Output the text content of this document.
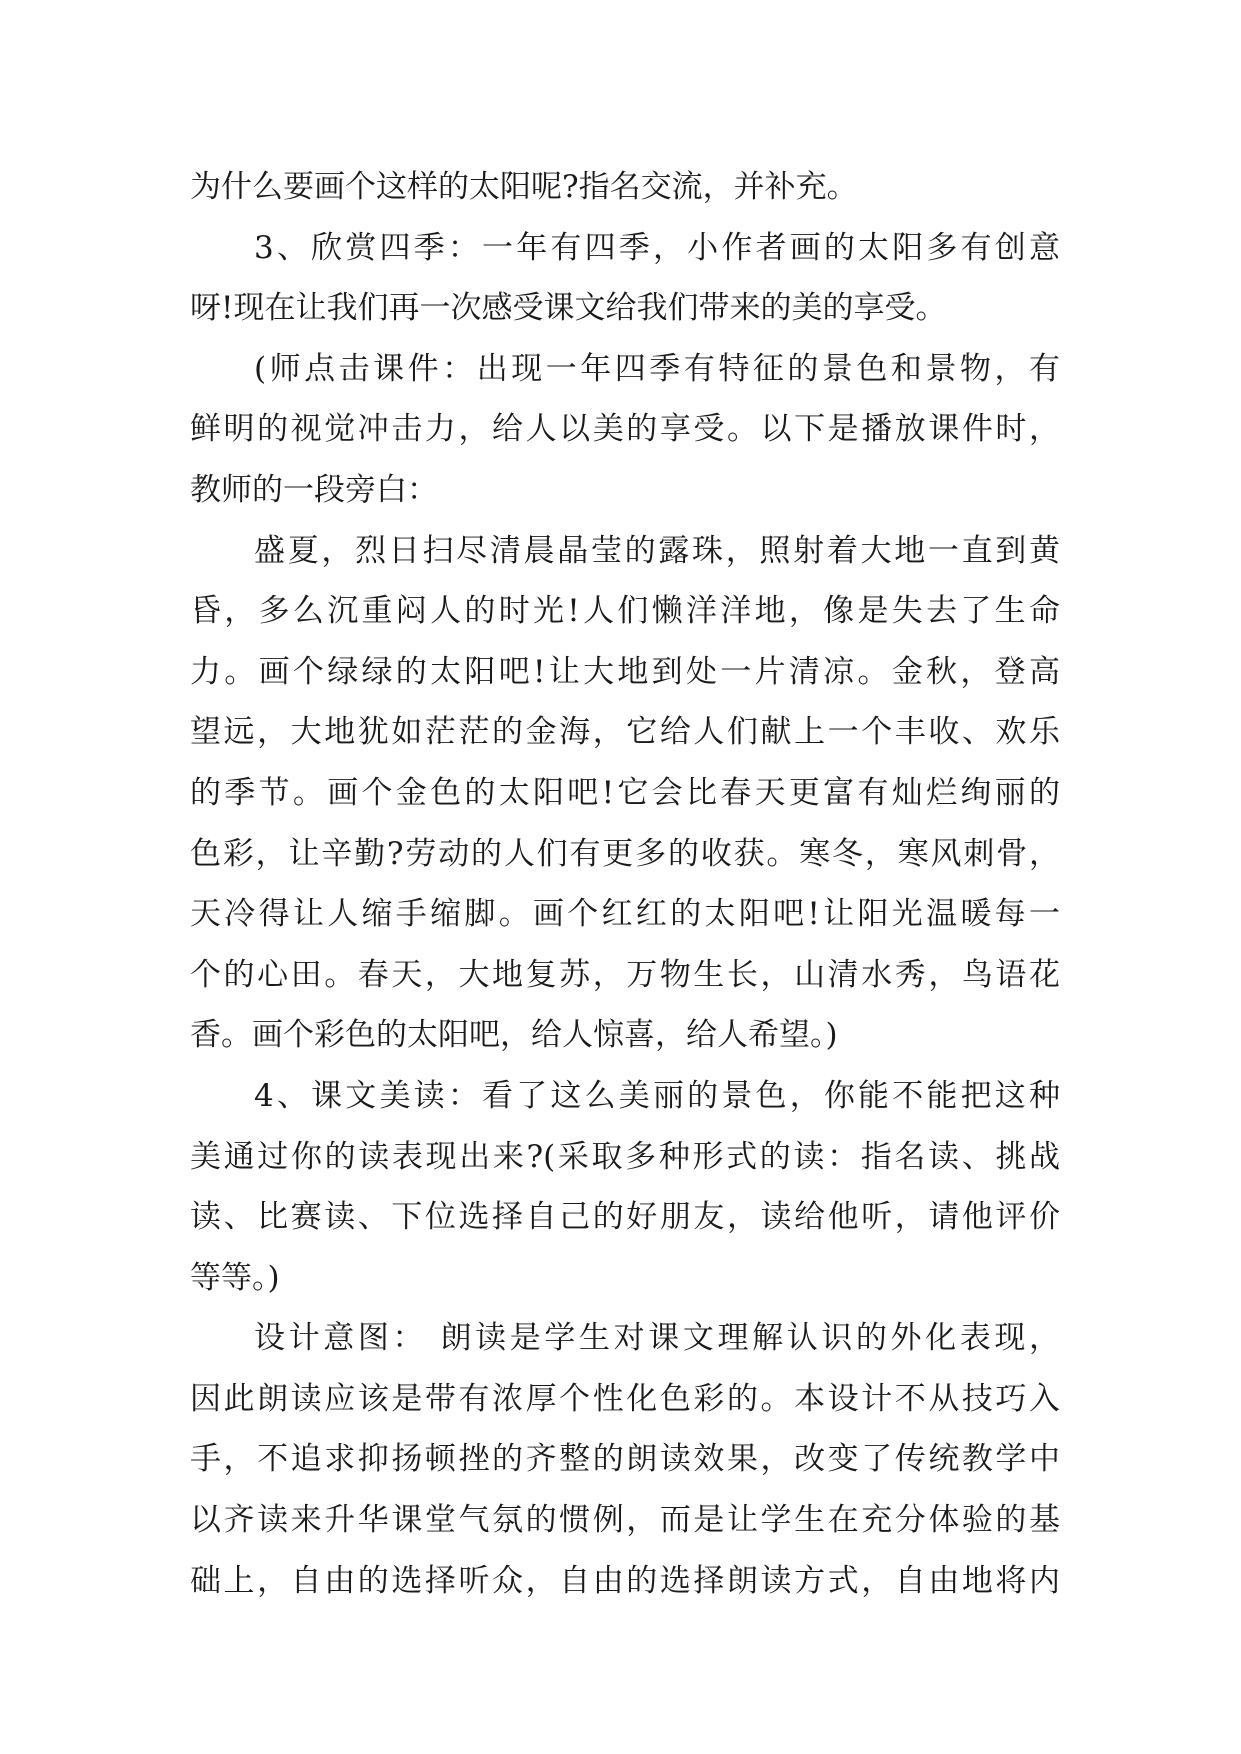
为什么要画个这样的太阳呢?指名交流，并补充。
3、欣赏四季：一年有四季，小作者画的太阳多有创意
呀!现在让我们再一次感受课文给我们带来的美的享受。
(师点击课件：出现一年四季有特征的景色和景物，有
鲜明的视觉冲击力，给人以美的享受。以下是播放课件时，
教师的一段旁白：
盛夏，烈日扫尽清晨晶莹的露珠，照射着大地一直到黄
昏，多么沉重闷人的时光!人们懒洋洋地，像是失去了生命
力。画个绿绿的太阳吧!让大地到处一片清凉。金秋，登高
望远，大地犹如茫茫的金海，它给人们献上一个丰收、欢乐
的季节。画个金色的太阳吧!它会比春天更富有灿烂绚丽的
色彩，让辛勤?劳动的人们有更多的收获。寒冬，寒风刺骨，
天冷得让人缩手缩脚。画个红红的太阳吧!让阳光温暖每一
个的心田。春天，大地复苏，万物生长，山清水秀，鸟语花
香。画个彩色的太阳吧，给人惊喜，给人希望。)
4、课文美读：看了这么美丽的景色，你能不能把这种
美通过你的读表现出来?(采取多种形式的读：指名读、挑战
读、比赛读、下位选择自己的好朋友，读给他听，请他评价
等等。)
设计意图： 朗读是学生对课文理解认识的外化表现，
因此朗读应该是带有浓厚个性化色彩的。本设计不从技巧入
手，不追求抑扬顿挫的齐整的朗读效果，改变了传统教学中
以齐读来升华课堂气氛的惯例，而是让学生在充分体验的基
础上，自由的选择听众，自由的选择朗读方式，自由地将内
